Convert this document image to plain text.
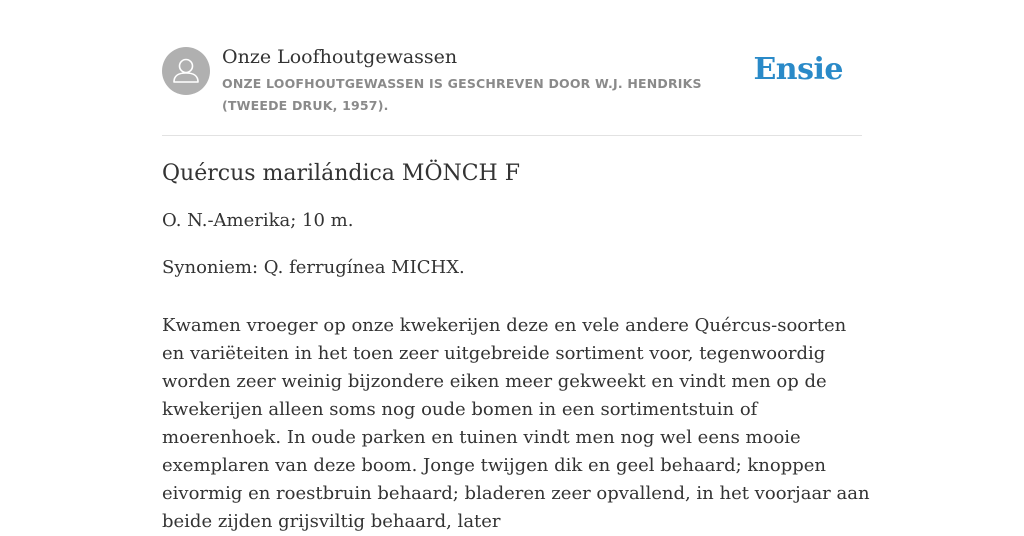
Onze Loofhoutgewassen
ONZE LOOFHOUTGEWASSEN IS GESCHREVEN DOOR W.J. HENDRIKS (TWEEDE DRUK, 1957).
Ensie
Quércus marilándica MÖNCH F

O. N.-Amerika; 10 m.

Synoniem: Q. ferrugínea MICHX.

Kwamen vroeger op onze kwekerijen deze en vele andere Quércus-soorten en variëteiten in het toen zeer uitgebreide sortiment voor, tegenwoordig worden zeer weinig bijzondere eiken meer gekweekt en vindt men op de kwekerijen alleen soms nog oude bomen in een sortimentstuin of moerenhoek. In oude parken en tuinen vindt men nog wel eens mooie exemplaren van deze boom. Jonge twijgen dik en geel behaard; knoppen eivormig en roestbruin behaard; bladeren zeer opvallend, in het voorjaar aan beide zijden grijsviltig behaard, later
